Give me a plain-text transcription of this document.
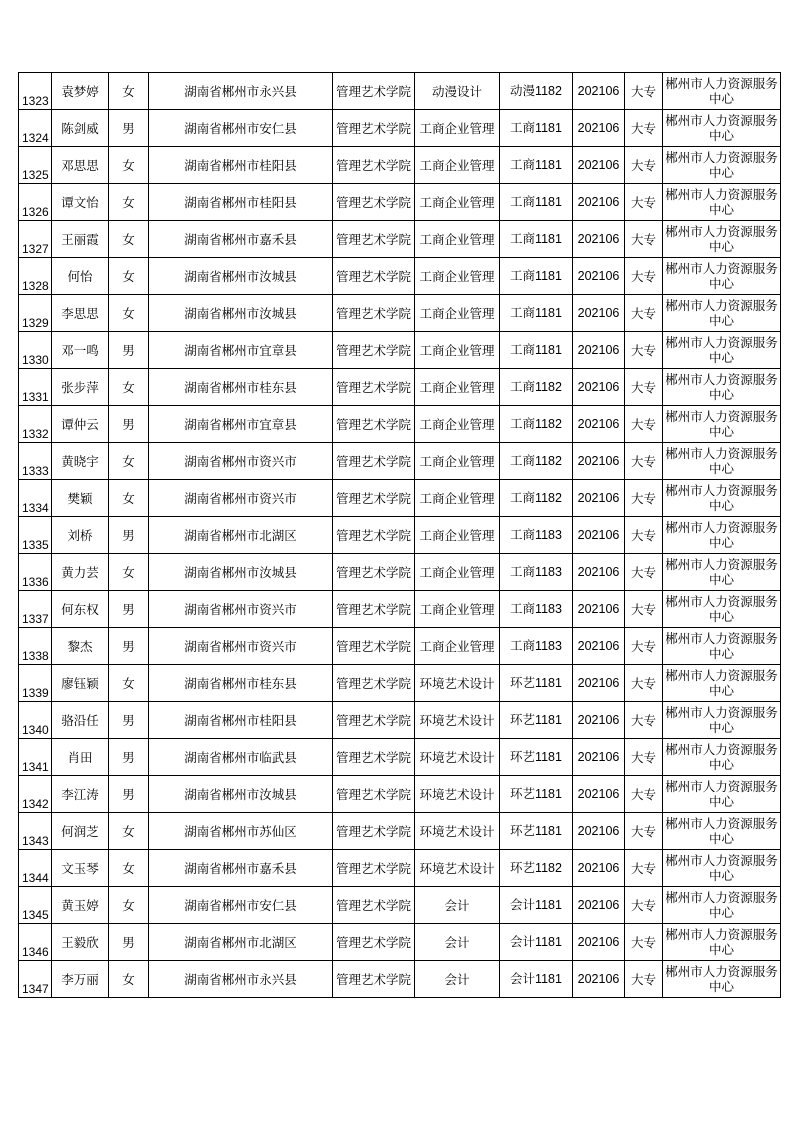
1323	袁梦婷	女	湖南省郴州市永兴县	管理艺术学院	动漫设计	动漫1182	202106	大专	郴州市人力资源服务中心

1324	陈剑威	男	湖南省郴州市安仁县	管理艺术学院	工商企业管理	工商1181	202106	大专	郴州市人力资源服务中心

1325	邓思思	女	湖南省郴州市桂阳县	管理艺术学院	工商企业管理	工商1181	202106	大专	郴州市人力资源服务中心

1326	谭文怡	女	湖南省郴州市桂阳县	管理艺术学院	工商企业管理	工商1181	202106	大专	郴州市人力资源服务中心

1327	王丽霞	女	湖南省郴州市嘉禾县	管理艺术学院	工商企业管理	工商1181	202106	大专	郴州市人力资源服务中心

1328	何怡	女	湖南省郴州市汝城县	管理艺术学院	工商企业管理	工商1181	202106	大专	郴州市人力资源服务中心

1329	李思思	女	湖南省郴州市汝城县	管理艺术学院	工商企业管理	工商1181	202106	大专	郴州市人力资源服务中心

1330	邓一鸣	男	湖南省郴州市宜章县	管理艺术学院	工商企业管理	工商1181	202106	大专	郴州市人力资源服务中心

1331	张步萍	女	湖南省郴州市桂东县	管理艺术学院	工商企业管理	工商1182	202106	大专	郴州市人力资源服务中心

1332	谭仲云	男	湖南省郴州市宜章县	管理艺术学院	工商企业管理	工商1182	202106	大专	郴州市人力资源服务中心

1333	黄晓宇	女	湖南省郴州市资兴市	管理艺术学院	工商企业管理	工商1182	202106	大专	郴州市人力资源服务中心

1334	樊颖	女	湖南省郴州市资兴市	管理艺术学院	工商企业管理	工商1182	202106	大专	郴州市人力资源服务中心

1335	刘桥	男	湖南省郴州市北湖区	管理艺术学院	工商企业管理	工商1183	202106	大专	郴州市人力资源服务中心

1336	黄力芸	女	湖南省郴州市汝城县	管理艺术学院	工商企业管理	工商1183	202106	大专	郴州市人力资源服务中心

1337	何东权	男	湖南省郴州市资兴市	管理艺术学院	工商企业管理	工商1183	202106	大专	郴州市人力资源服务中心

1338	黎杰	男	湖南省郴州市资兴市	管理艺术学院	工商企业管理	工商1183	202106	大专	郴州市人力资源服务中心

1339	廖钰颖	女	湖南省郴州市桂东县	管理艺术学院	环境艺术设计	环艺1181	202106	大专	郴州市人力资源服务中心

1340	骆沿任	男	湖南省郴州市桂阳县	管理艺术学院	环境艺术设计	环艺1181	202106	大专	郴州市人力资源服务中心

1341	肖田	男	湖南省郴州市临武县	管理艺术学院	环境艺术设计	环艺1181	202106	大专	郴州市人力资源服务中心

1342	李江涛	男	湖南省郴州市汝城县	管理艺术学院	环境艺术设计	环艺1181	202106	大专	郴州市人力资源服务中心

1343	何润芝	女	湖南省郴州市苏仙区	管理艺术学院	环境艺术设计	环艺1181	202106	大专	郴州市人力资源服务中心

1344	文玉琴	女	湖南省郴州市嘉禾县	管理艺术学院	环境艺术设计	环艺1182	202106	大专	郴州市人力资源服务中心

1345	黄玉婷	女	湖南省郴州市安仁县	管理艺术学院	会计	会计1181	202106	大专	郴州市人力资源服务中心

1346	王毅欣	男	湖南省郴州市北湖区	管理艺术学院	会计	会计1181	202106	大专	郴州市人力资源服务中心

1347	李万丽	女	湖南省郴州市永兴县	管理艺术学院	会计	会计1181	202106	大专	郴州市人力资源服务中心
